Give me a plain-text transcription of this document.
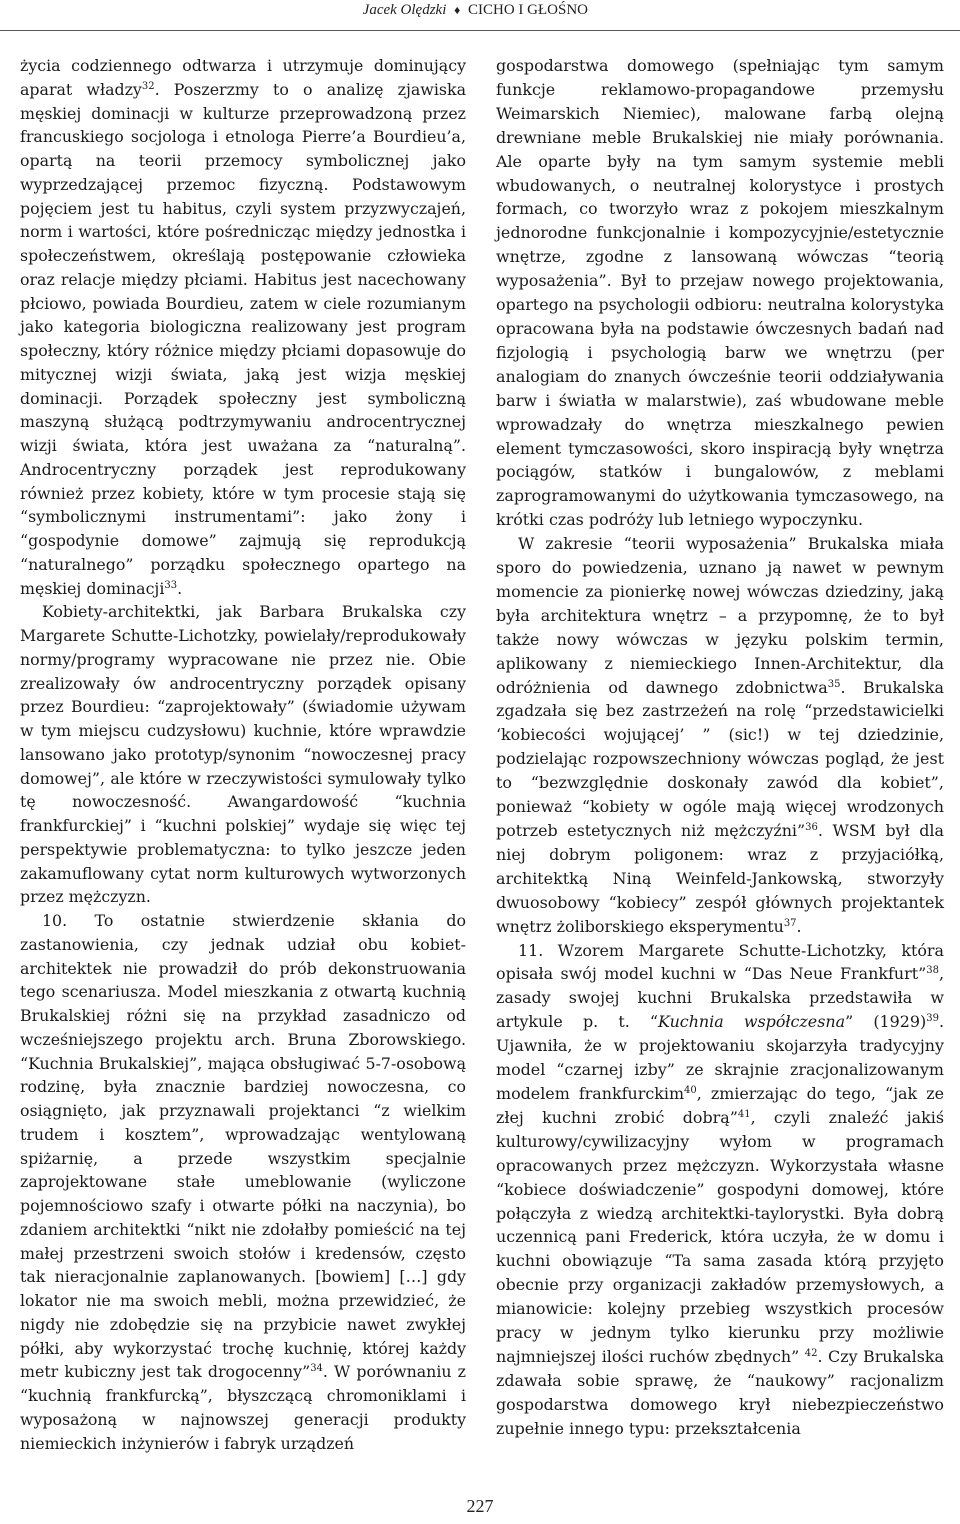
Jacek Olędzki ♦ CICHO I GŁOŚNO

życia codziennego odtwarza i utrzymuje dominujący aparat władzy$^{32}$. Poszerzmy to o analizę zjawiska męskiej dominacji w kulturze przeprowadzoną przez francuskiego socjologa i etnologa Pierre’a Bourdieu’a, opartą na teorii przemocy symbolicznej jako wyprzedzającej przemoc fizyczną. Podstawowym pojęciem jest tu habitus, czyli system przyzwyczajeń, norm i wartości, które pośrednicząc między jednostka i społeczeństwem, określają postępowanie człowieka oraz relacje między płciami. Habitus jest nacechowany płciowo, powiada Bourdieu, zatem w ciele rozumianym jako kategoria biologiczna realizowany jest program społeczny, który różnice między płciami dopasowuje do mitycznej wizji świata, jaką jest wizja męskiej dominacji. Porządek społeczny jest symboliczną maszyną służącą podtrzymywaniu androcentrycznej wizji świata, która jest uważana za “naturalną”. Androcentryczny porządek jest reprodukowany również przez kobiety, które w tym procesie stają się “symbolicznymi instrumentami”: jako żony i “gospodynie domowe” zajmują się reprodukcją “naturalnego” porządku społecznego opartego na męskiej dominacji$^{33}$.

Kobiety-architektki, jak Barbara Brukalska czy Margarete Schutte-Lichotzky, powielały/reprodukowały normy/programy wypracowane nie przez nie. Obie zrealizowały ów androcentryczny porządek opisany przez Bourdieu: “zaprojektowały” (świadomie używam w tym miejscu cudzysłowu) kuchnie, które wprawdzie lansowano jako prototyp/synonim “nowoczesnej pracy domowej”, ale które w rzeczywistości symulowały tylko tę nowoczesność. Awangardowość “kuchnia frankfurckiej” i “kuchni polskiej” wydaje się więc tej perspektywie problematyczna: to tylko jeszcze jeden zakamuflowany cytat norm kulturowych wytworzonych przez mężczyzn.

10. To ostatnie stwierdzenie skłania do zastanowienia, czy jednak udział obu kobiet-architektek nie prowadził do prób dekonstruowania tego scenariusza. Model mieszkania z otwartą kuchnią Brukalskiej różni się na przykład zasadniczo od wcześniejszego projektu arch. Bruna Zborowskiego. “Kuchnia Brukalskiej”, mająca obsługiwać 5-7-osobową rodzinę, była znacznie bardziej nowoczesna, co osiągnięto, jak przyznawali projektanci “z wielkim trudem i kosztem”, wprowadzając wentylowaną spiżarnię, a przede wszystkim specjalnie zaprojektowane stałe umeblowanie (wyliczone pojemnościowo szafy i otwarte półki na naczynia), bo zdaniem architektki “nikt nie zdołałby pomieścić na tej małej przestrzeni swoich stołów i kredensów, często tak nieracjonalnie zaplanowanych. [bowiem] […] gdy lokator nie ma swoich mebli, można przewidzieć, że nigdy nie zdobędzie się na przybicie nawet zwykłej półki, aby wykorzystać trochę kuchnię, której każdy metr kubiczny jest tak drogocenny”$^{34}$. W porównaniu z “kuchnią frankfurcką”, błyszczącą chromoniklami i wyposażoną w najnowszej generacji produkty niemieckich inżynierów i fabryk urządzeń

gospodarstwa domowego (spełniając tym samym funkcje reklamowo-propagandowe przemysłu Weimarskich Niemiec), malowane farbą olejną drewniane meble Brukalskiej nie miały porównania. Ale oparte były na tym samym systemie mebli wbudowanych, o neutralnej kolorystyce i prostych formach, co tworzyło wraz z pokojem mieszkalnym jednorodne funkcjonalnie i kompozycyjnie/estetycznie wnętrze, zgodne z lansowaną wówczas “teorią wyposażenia”. Był to przejaw nowego projektowania, opartego na psychologii odbioru: neutralna kolorystyka opracowana była na podstawie ówczesnych badań nad fizjologią i psychologią barw we wnętrzu (per analogiam do znanych ówcześnie teorii oddziaływania barw i światła w malarstwie), zaś wbudowane meble wprowadzały do wnętrza mieszkalnego pewien element tymczasowości, skoro inspiracją były wnętrza pociągów, statków i bungalowów, z meblami zaprogramowanymi do użytkowania tymczasowego, na krótki czas podróży lub letniego wypoczynku.

W zakresie “teorii wyposażenia” Brukalska miała sporo do powiedzenia, uznano ją nawet w pewnym momencie za pionierkę nowej wówczas dziedziny, jaką była architektura wnętrz – a przypomnę, że to był także nowy wówczas w języku polskim termin, aplikowany z niemieckiego Innen-Architektur, dla odróżnienia od dawnego zdobnictwa$^{35}$. Brukalska zgadzała się bez zastrzeżeń na rolę “przedstawicielki ‘kobiecości wojującej’ ” (sic!) w tej dziedzinie, podzielając rozpowszechniony wówczas pogląd, że jest to “bezwzględnie doskonały zawód dla kobiet”, ponieważ “kobiety w ogóle mają więcej wrodzonych potrzeb estetycznych niż mężczyźni”$^{36}$. WSM był dla niej dobrym poligonem: wraz z przyjaciółką, architektką Niną Weinfeld-Jankowską, stworzyły dwuosobowy “kobiecy” zespół głównych projektantek wnętrz żoliborskiego eksperymentu$^{37}$.

11. Wzorem Margarete Schutte-Lichotzky, która opisała swój model kuchni w “Das Neue Frankfurt”$^{38}$, zasady swojej kuchni Brukalska przedstawiła w artykule p. t. “Kuchnia współczesna” $(1929)^{39}$. Ujawniła, że w projektowaniu skojarzyła tradycyjny model “czarnej izby” ze skrajnie zracjonalizowanym modelem frankfurckim$^{40}$, zmierzając do tego, “jak ze złej kuchni zrobić dobrą”$^{41}$, czyli znaleźć jakiś kulturowy/cywilizacyjny wyłom w programach opracowanych przez mężczyzn. Wykorzystała własne “kobiece doświadczenie” gospodyni domowej, które połączyła z wiedzą architektki-taylorystki. Była dobrą uczennicą pani Frederick, która uczyła, że w domu i kuchni obowiązuje “Ta sama zasada którą przyjęto obecnie przy organizacji zakładów przemysłowych, a mianowicie: kolejny przebieg wszystkich procesów pracy w jednym tylko kierunku przy możliwie najmniejszej ilości ruchów zbędnych” $^{42}$. Czy Brukalska zdawała sobie sprawę, że “naukowy” racjonalizm gospodarstwa domowego krył niebezpieczeństwo zupełnie innego typu: przekształcenia

227
